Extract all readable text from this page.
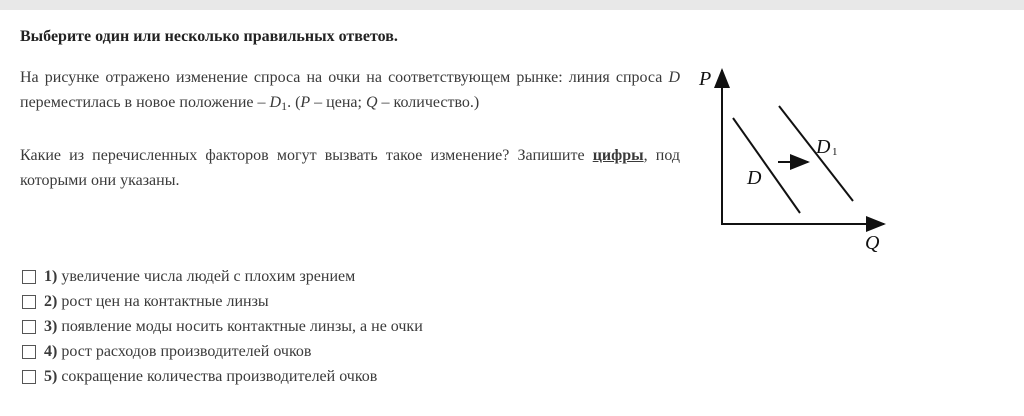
Выберите один или несколько правильных ответов.
На рисунке отражено изменение спроса на очки на соответствующем рынке: линия спроса D переместилась в новое положение – $D_1$. (P – цена; Q – количество.)
Какие из перечисленных факторов могут вызвать такое изменение? Запишите цифры, под которыми они указаны.
P
Q
D
D 1
1) увеличение числа людей с плохим зрением
2) рост цен на контактные линзы
3) появление моды носить контактные линзы, а не очки
4) рост расходов производителей очков
5) сокращение количества производителей очков
